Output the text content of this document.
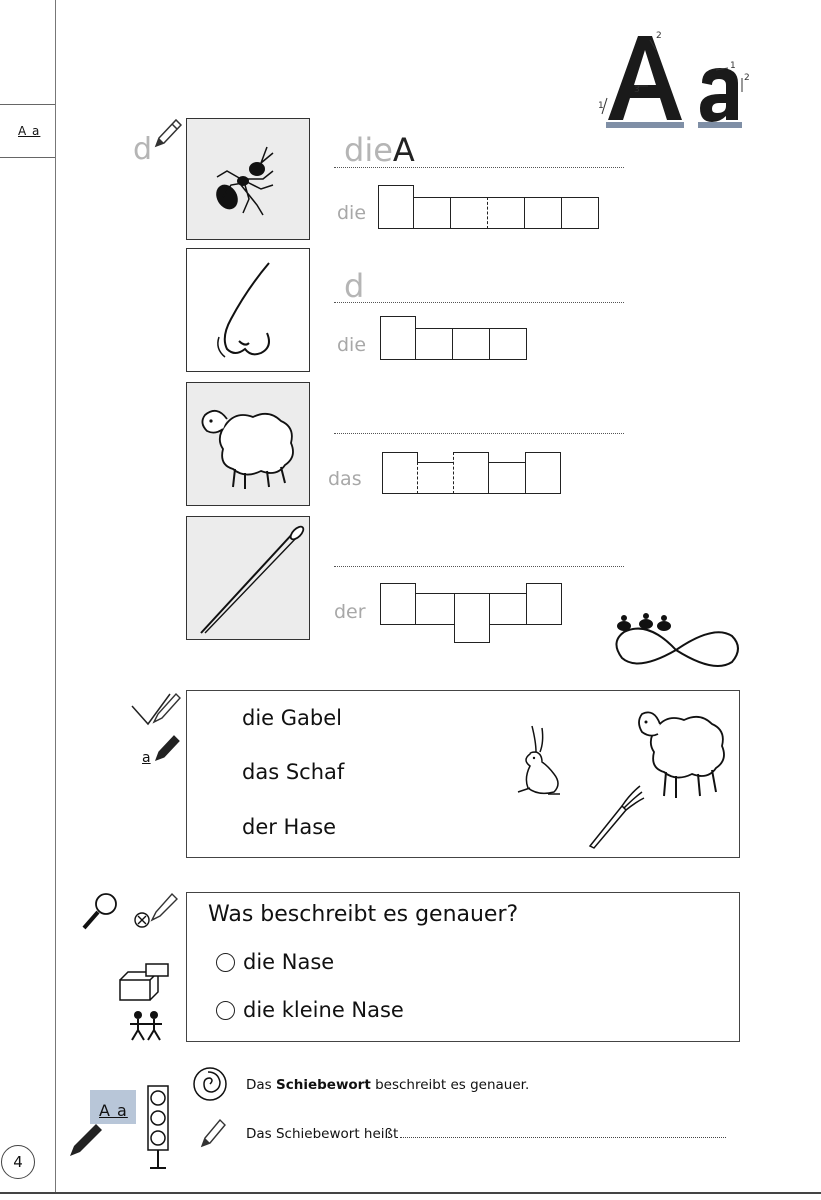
A a
4
2
1
3
1
2
d	dieA
die
d
die
das
der
a
die Gabel
das Schaf
der Hase
Was beschreibt es genauer?
die Nase
die kleine Nase
A a
Das Schiebewort beschreibt es genauer.
Das Schiebewort heißt
